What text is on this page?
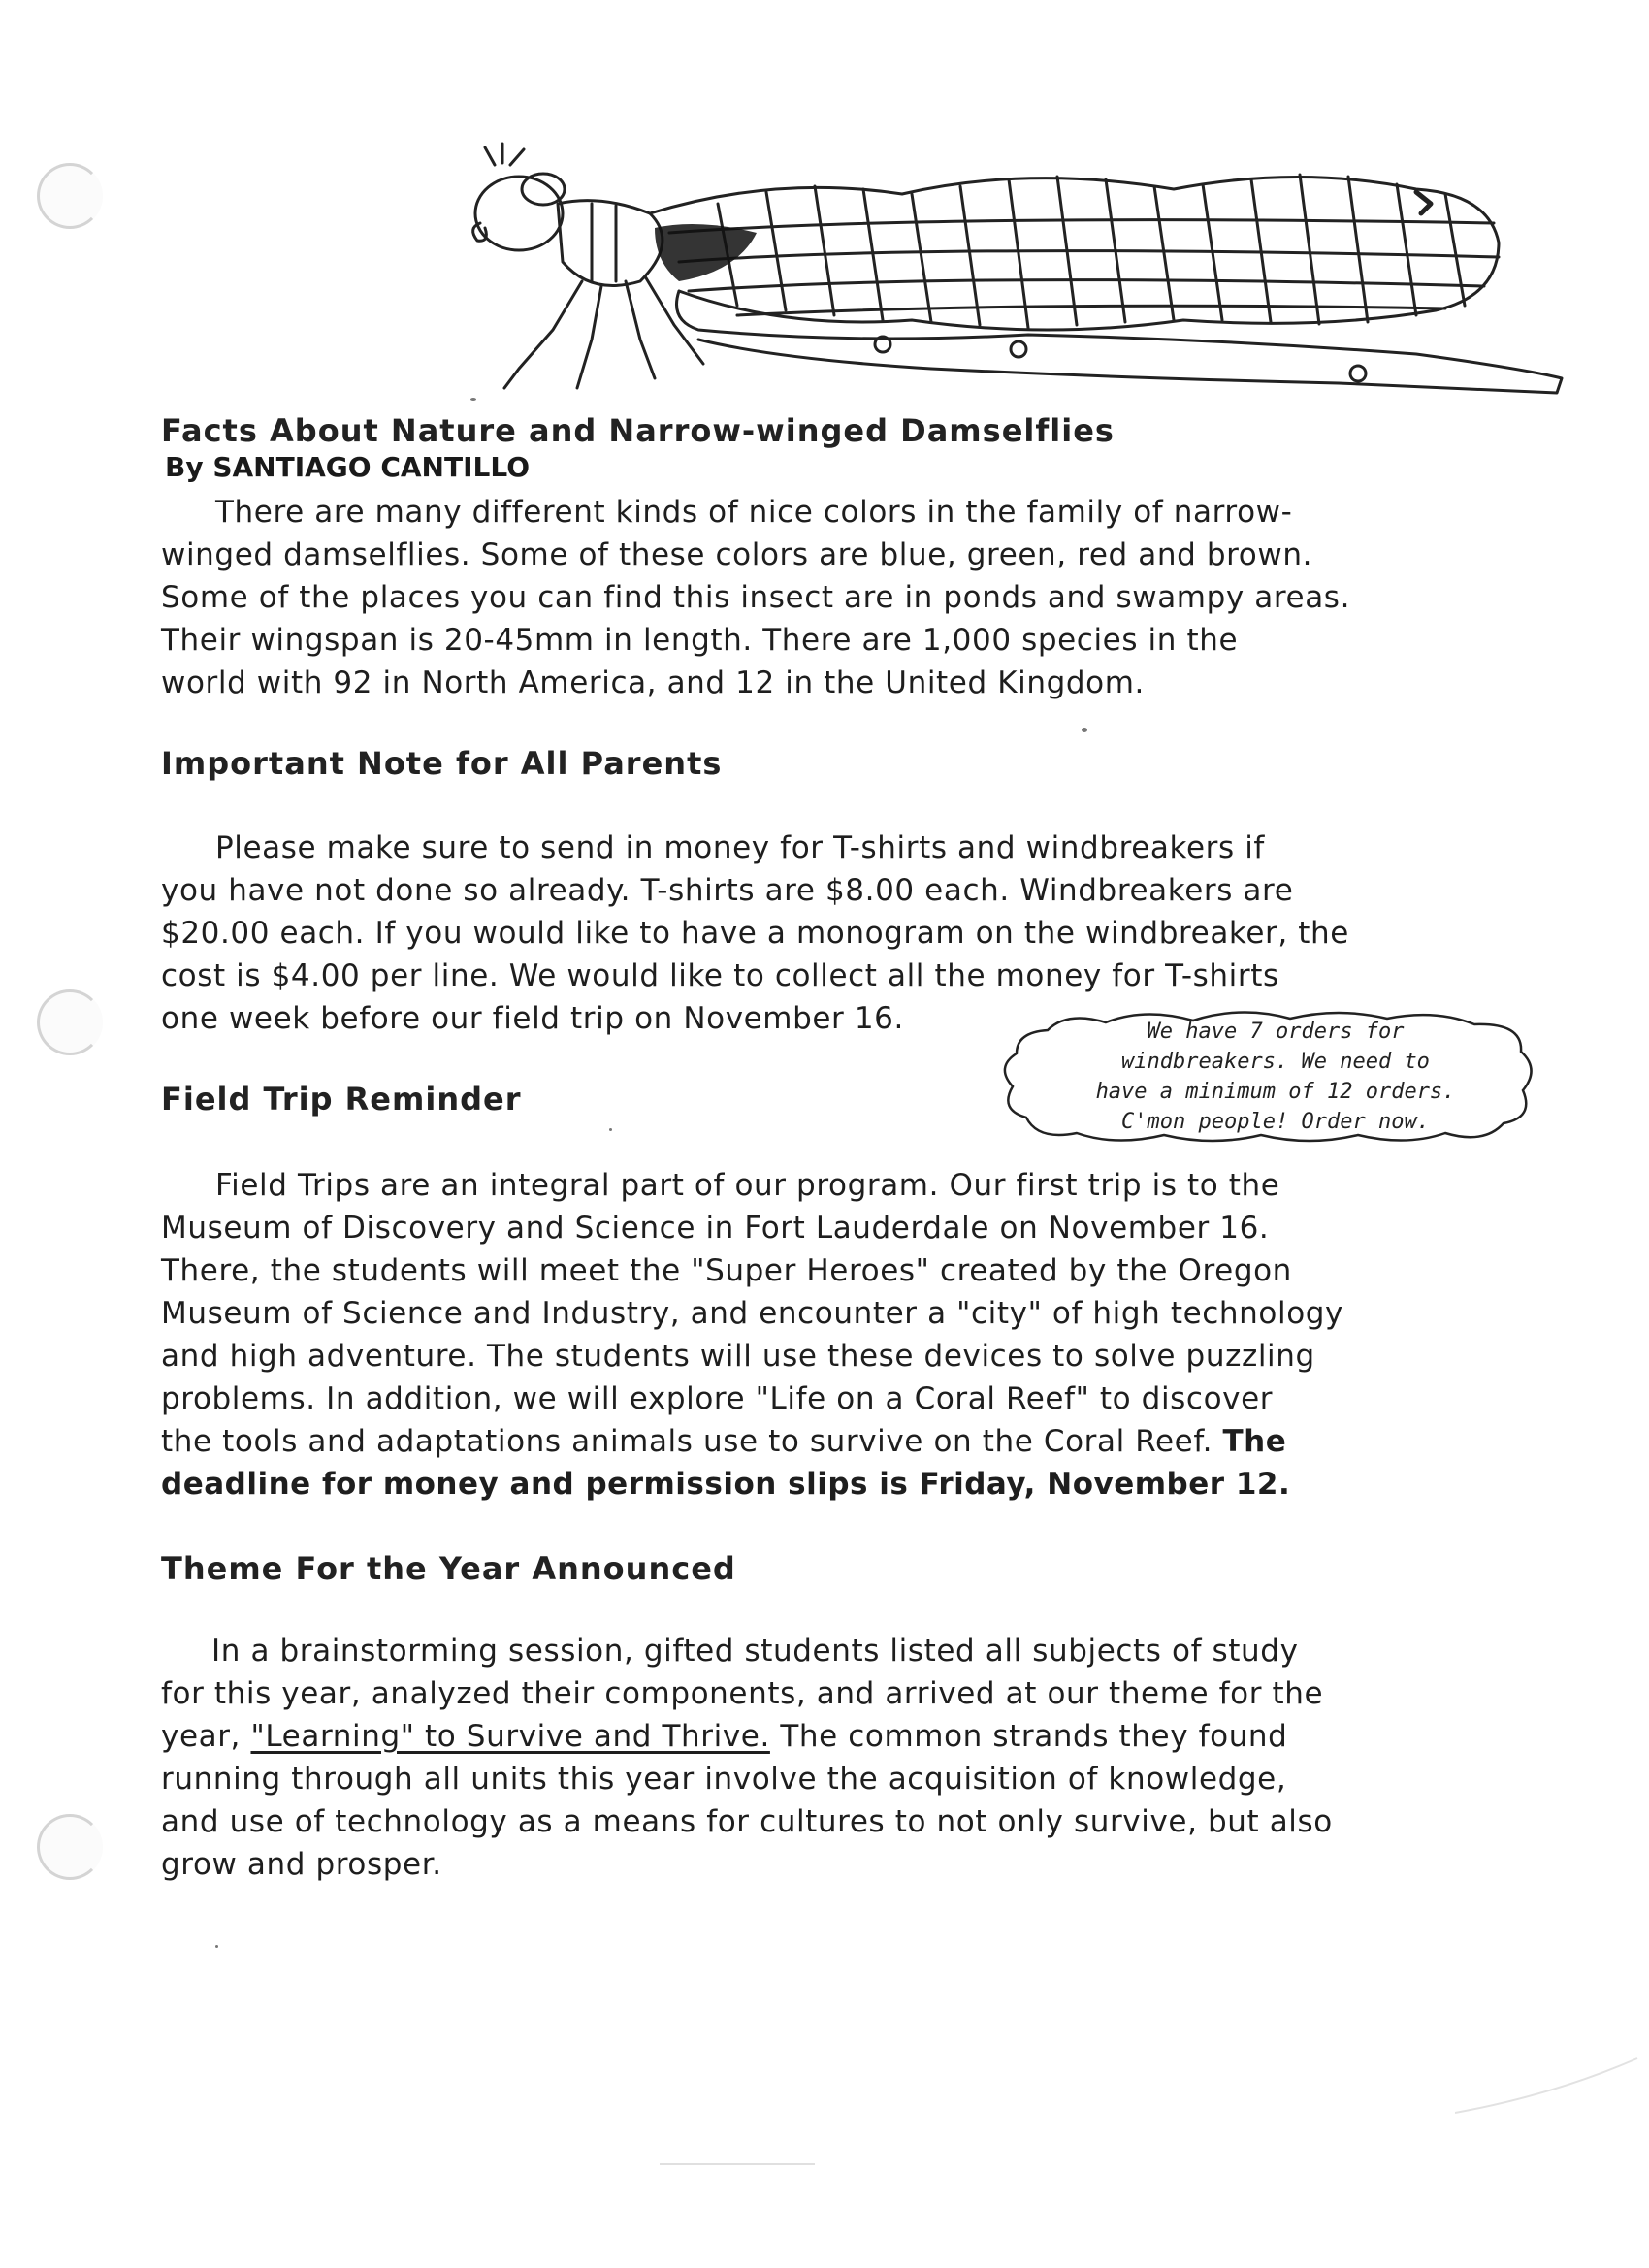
Facts About Nature and Narrow-winged Damselflies
By SANTIAGO CANTILLO
There are many different kinds of nice colors in the family of narrow-
winged damselflies. Some of these colors are blue, green, red and brown.
Some of the places you can find this insect are in ponds and swampy areas.
Their wingspan is 20-45mm in length. There are 1,000 species in the
world with 92 in North America, and 12 in the United Kingdom.
Important Note for All Parents
Please make sure to send in money for T-shirts and windbreakers if
you have not done so already. T-shirts are $8.00 each. Windbreakers are
$20.00 each. If you would like to have a monogram on the windbreaker, the
cost is $4.00 per line. We would like to collect all the money for T-shirts
one week before our field trip on November 16.	We have 7 orders for
windbreakers. We need to
have a minimum of 12 orders.
C'mon people! Order now.
Field Trip Reminder
Field Trips are an integral part of our program. Our first trip is to the
Museum of Discovery and Science in Fort Lauderdale on November 16.
There, the students will meet the "Super Heroes" created by the Oregon
Museum of Science and Industry, and encounter a "city" of high technology
and high adventure. The students will use these devices to solve puzzling
problems. In addition, we will explore "Life on a Coral Reef" to discover
the tools and adaptations animals use to survive on the Coral Reef. The
deadline for money and permission slips is Friday, November 12.
Theme For the Year Announced
In a brainstorming session, gifted students listed all subjects of study
for this year, analyzed their components, and arrived at our theme for the
year, "Learning" to Survive and Thrive. The common strands they found
running through all units this year involve the acquisition of knowledge,
and use of technology as a means for cultures to not only survive, but also
grow and prosper.
